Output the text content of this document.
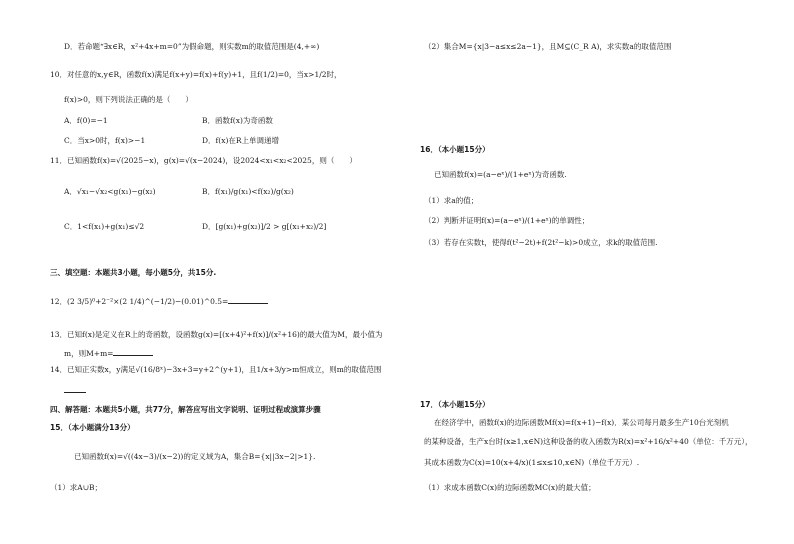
D．若命题“∃x∈R，x²+4x+m=0”为假命题，则实数m的取值范围是(4,+∞)
10．对任意的x,y∈R，函数f(x)满足f(x+y)=f(x)+f(y)+1，且f(1/2)=0，当x>1/2时，
f(x)>0，则下列说法正确的是（　　）
A．f(0)=−1	B．函数f(x)为奇函数
C．当x>0时，f(x)>−1	D．f(x)在R上单调递增
11．已知函数f(x)=√(2025−x)，g(x)=√(x−2024)，设2024<x₁<x₂<2025，则（　　）
A．√x₁−√x₂<g(x₁)−g(x₂)	B．f(x₁)/g(x₁)<f(x₂)/g(x₂)
C．1<f(x₁)+g(x₁)≤√2	D．[g(x₁)+g(x₂)]/2 > g[(x₁+x₂)/2]
三、填空题：本题共3小题，每小题5分，共15分.
12．(2 3/5)⁰+2⁻²×(2 1/4)^(−1/2)−(0.01)^0.5=
13．已知f(x)是定义在R上的奇函数，设函数g(x)=[(x+4)²+f(x)]/(x²+16)的最大值为M，最小值为
m，则M+m=
14．已知正实数x，y满足√(16/8ˣ)−3x+3=y+2^(y+1)，且1/x+3/y>m恒成立，则m的取值范围
四、解答题：本题共5小题，共77分，解答应写出文字说明、证明过程或演算步骤
15．（本小题满分13分）
已知函数f(x)=√((4x−3)/(x−2))的定义域为A，集合B={x||3x−2|>1}.
（1）求A∪B；
（2）集合M={x|3−a≤x≤2a−1}，且M⊆(C_R A)，求实数a的取值范围
16．（本小题15分）
已知函数f(x)=(a−eˣ)/(1+eˣ)为奇函数.
（1）求a的值；
（2）判断并证明f(x)=(a−eˣ)/(1+eˣ)的单调性；
（3）若存在实数t，使得f(t²−2t)+f(2t²−k)>0成立，求k的取值范围.
17．（本小题15分）
在经济学中，函数f(x)的边际函数Mf(x)=f(x+1)−f(x)．某公司每月最多生产10台光刻机
的某种设备，生产x台时(x≥1,x∈N)这种设备的收入函数为R(x)=x²+16/x²+40（单位：千万元），
其成本函数为C(x)=10(x+4/x)(1≤x≤10,x∈N)（单位千万元）.
（1）求成本函数C(x)的边际函数MC(x)的最大值；
